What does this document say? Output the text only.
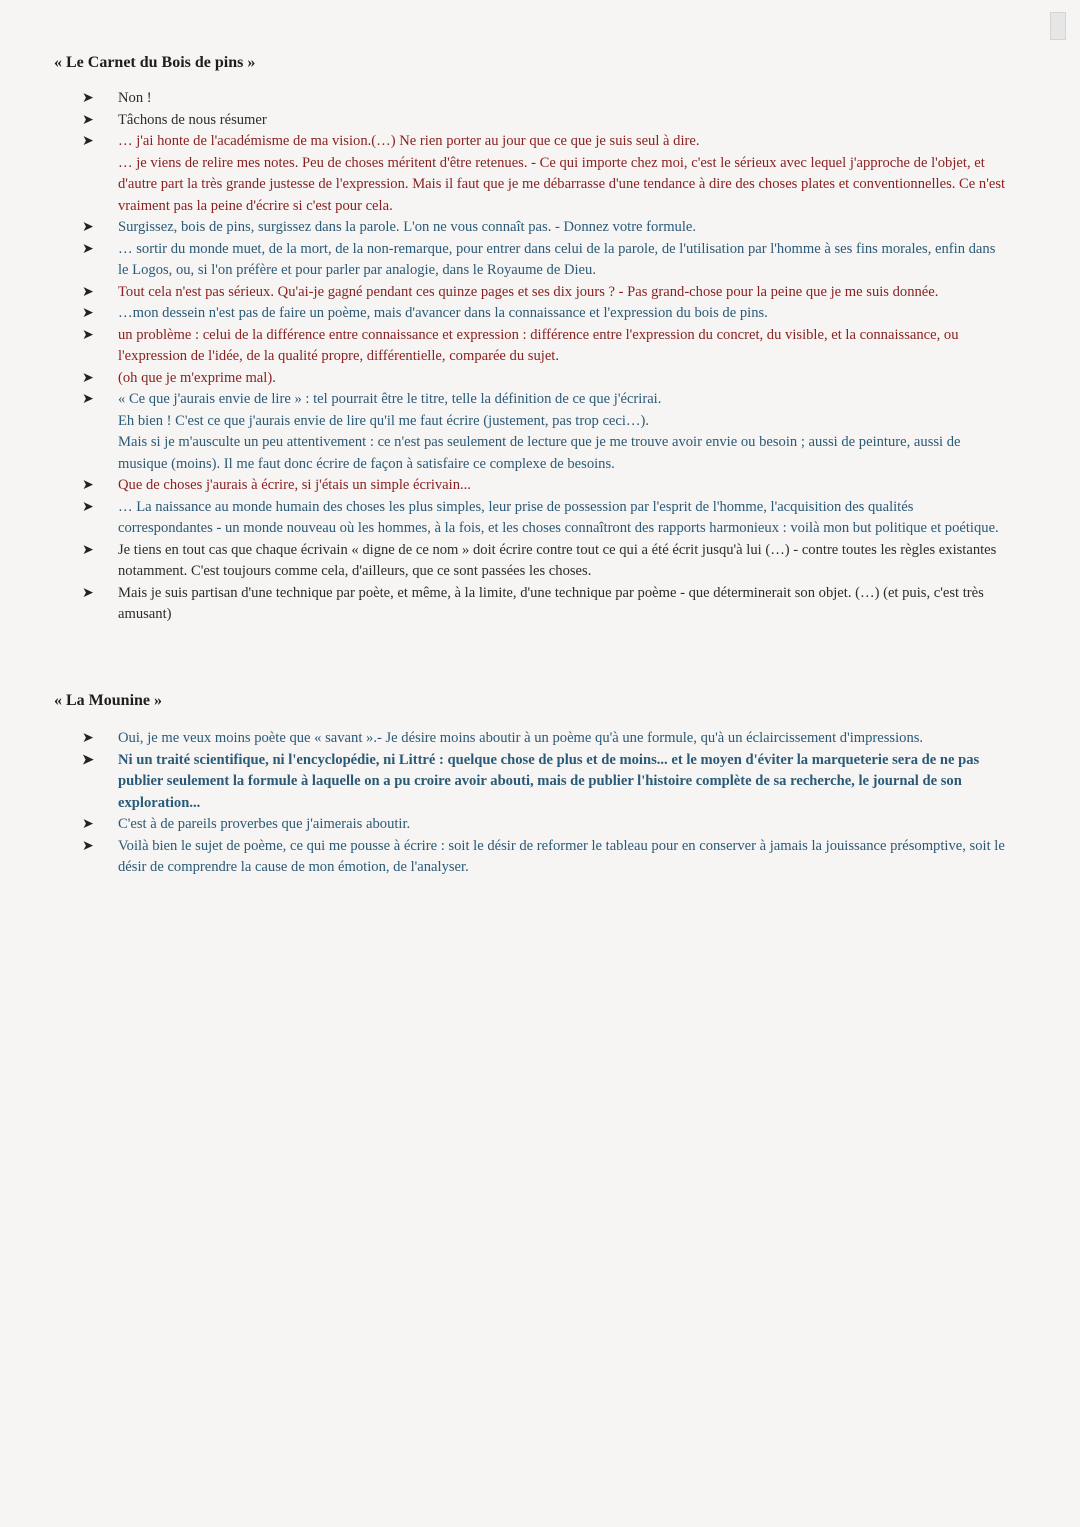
« Le Carnet du Bois de pins »
➤ Non !
➤ Tâchons de nous résumer
➤ … j'ai honte de l'académisme de ma vision.(…) Ne rien porter au jour que ce que je suis seul à dire.
… je viens de relire mes notes. Peu de choses méritent d'être retenues. - Ce qui importe chez moi, c'est le sérieux avec lequel j'approche de l'objet, et d'autre part la très grande justesse de l'expression. Mais il faut que je me débarrasse d'une tendance à dire des choses plates et conventionnelles. Ce n'est vraiment pas la peine d'écrire si c'est pour cela.
➤ Surgissez, bois de pins, surgissez dans la parole. L'on ne vous connaît pas. - Donnez votre formule.
➤ … sortir du monde muet, de la mort, de la non-remarque, pour entrer dans celui de la parole, de l'utilisation par l'homme à ses fins morales, enfin dans le Logos, ou, si l'on préfère et pour parler par analogie, dans le Royaume de Dieu.
➤ Tout cela n'est pas sérieux. Qu'ai-je gagné pendant ces quinze pages et ses dix jours ? - Pas grand-chose pour la peine que je me suis donnée.
➤ …mon dessein n'est pas de faire un poème, mais d'avancer dans la connaissance et l'expression du bois de pins.
➤ un problème : celui de la différence entre connaissance et expression : différence entre l'expression du concret, du visible, et la connaissance, ou l'expression de l'idée, de la qualité propre, différentielle, comparée du sujet.
➤ (oh que je m'exprime mal).
➤ « Ce que j'aurais envie de lire » : tel pourrait être le titre, telle la définition de ce que j'écrirai.
Eh bien ! C'est ce que j'aurais envie de lire qu'il me faut écrire (justement, pas trop ceci…).
Mais si je m'ausculte un peu attentivement : ce n'est pas seulement de lecture que je me trouve avoir envie ou besoin ; aussi de peinture, aussi de musique (moins). Il me faut donc écrire de façon à satisfaire ce complexe de besoins.
➤ Que de choses j'aurais à écrire, si j'étais un simple écrivain...
➤ … La naissance au monde humain des choses les plus simples, leur prise de possession par l'esprit de l'homme, l'acquisition des qualités correspondantes - un monde nouveau où les hommes, à la fois, et les choses connaîtront des rapports harmonieux : voilà mon but politique et poétique.
➤ Je tiens en tout cas que chaque écrivain « digne de ce nom » doit écrire contre tout ce qui a été écrit jusqu'à lui (…) - contre toutes les règles existantes notamment. C'est toujours comme cela, d'ailleurs, que ce sont passées les choses.
➤ Mais je suis partisan d'une technique par poète, et même, à la limite, d'une technique par poème - que déterminerait son objet. (…) (et puis, c'est très amusant)
« La Mounine »
➤ Oui, je me veux moins poète que « savant ».- Je désire moins aboutir à un poème qu'à une formule, qu'à un éclaircissement d'impressions.
➤ Ni un traité scientifique, ni l'encyclopédie, ni Littré : quelque chose de plus et de moins... et le moyen d'éviter la marqueterie sera de ne pas publier seulement la formule à laquelle on a pu croire avoir abouti, mais de publier l'histoire complète de sa recherche, le journal de son exploration...
➤ C'est à de pareils proverbes que j'aimerais aboutir.
➤ Voilà bien le sujet de poème, ce qui me pousse à écrire : soit le désir de reformer le tableau pour en conserver à jamais la jouissance présomptive, soit le désir de comprendre la cause de mon émotion, de l'analyser.
